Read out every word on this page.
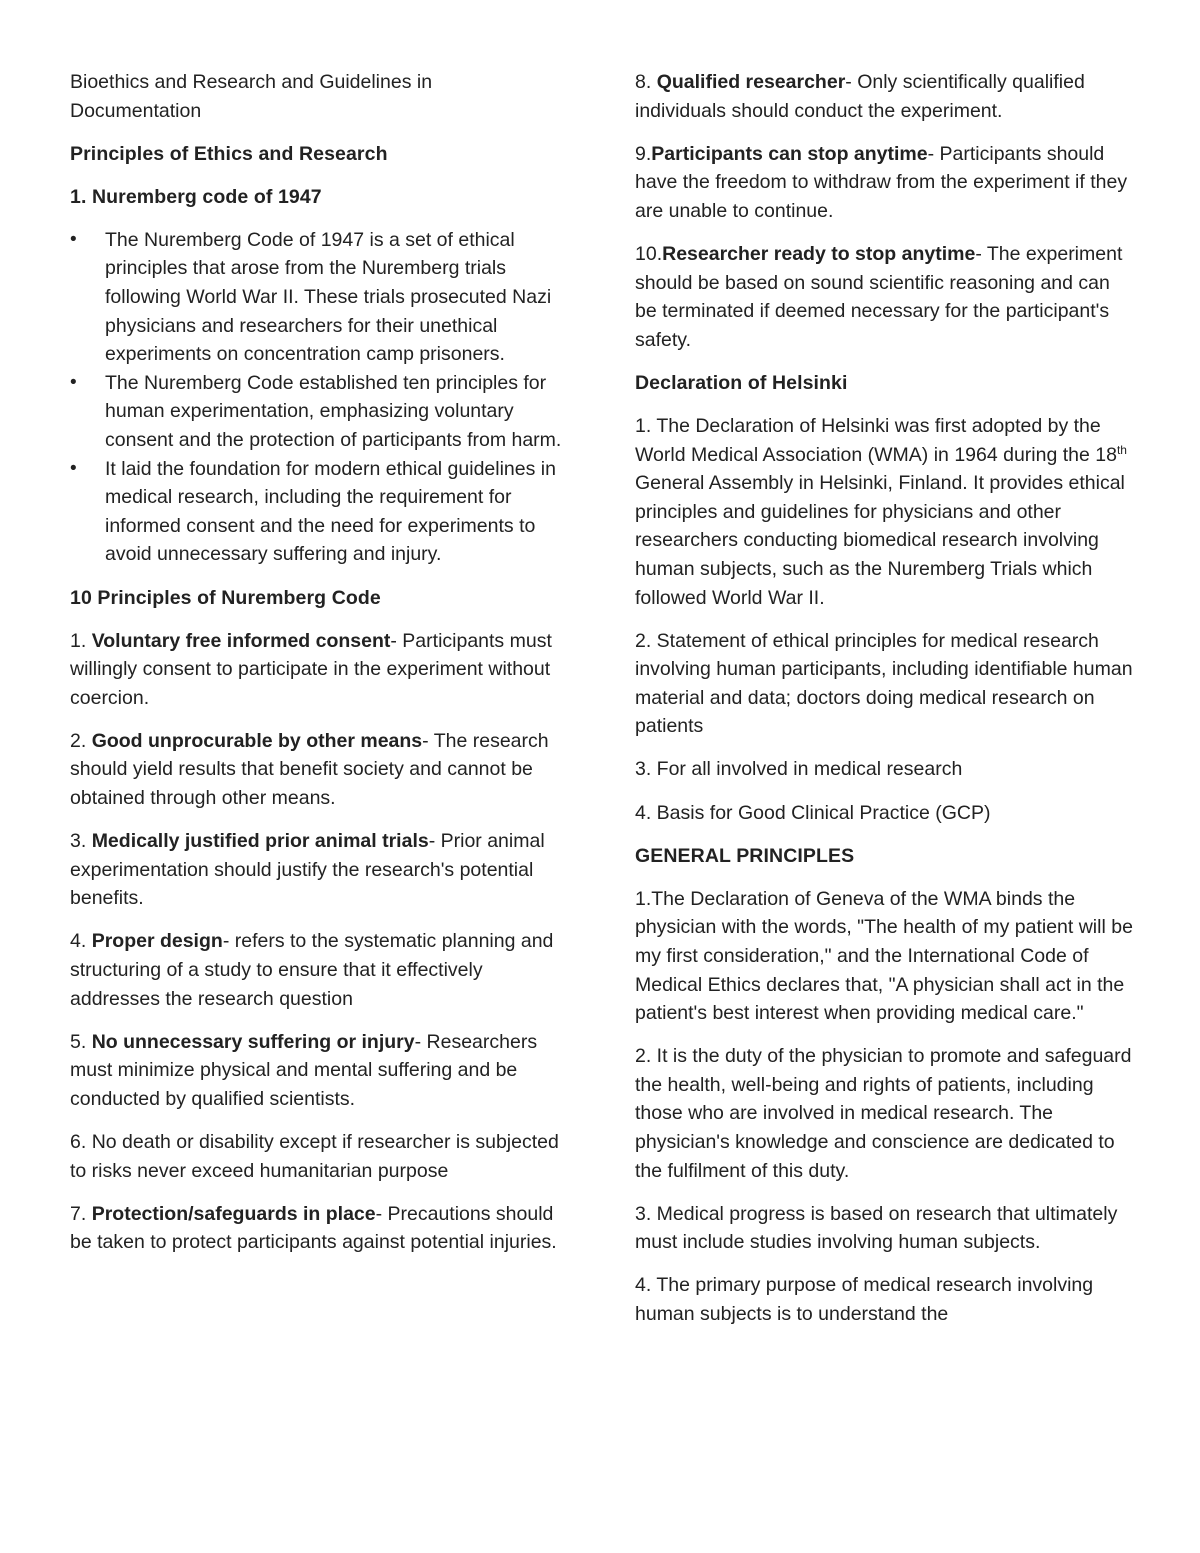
Bioethics and Research and Guidelines in Documentation

Principles of Ethics and Research

1. Nuremberg code of 1947

• The Nuremberg Code of 1947 is a set of ethical principles that arose from the Nuremberg trials following World War II. These trials prosecuted Nazi physicians and researchers for their unethical experiments on concentration camp prisoners.
• The Nuremberg Code established ten principles for human experimentation, emphasizing voluntary consent and the protection of participants from harm.
• It laid the foundation for modern ethical guidelines in medical research, including the requirement for informed consent and the need for experiments to avoid unnecessary suffering and injury.

10 Principles of Nuremberg Code

1. Voluntary free informed consent- Participants must willingly consent to participate in the experiment without coercion.

2. Good unprocurable by other means- The research should yield results that benefit society and cannot be obtained through other means.

3. Medically justified prior animal trials- Prior animal experimentation should justify the research's potential benefits.

4. Proper design- refers to the systematic planning and structuring of a study to ensure that it effectively addresses the research question

5. No unnecessary suffering or injury- Researchers must minimize physical and mental suffering and be conducted by qualified scientists.

6. No death or disability except if researcher is subjected to risks never exceed humanitarian purpose

7. Protection/safeguards in place- Precautions should be taken to protect participants against potential injuries.

8. Qualified researcher- Only scientifically qualified individuals should conduct the experiment.

9.Participants can stop anytime- Participants should have the freedom to withdraw from the experiment if they are unable to continue.

10.Researcher ready to stop anytime- The experiment should be based on sound scientific reasoning and can be terminated if deemed necessary for the participant's safety.

Declaration of Helsinki

1. The Declaration of Helsinki was first adopted by the World Medical Association (WMA) in 1964 during the 18th General Assembly in Helsinki, Finland. It provides ethical principles and guidelines for physicians and other researchers conducting biomedical research involving human subjects, such as the Nuremberg Trials which followed World War II.

2. Statement of ethical principles for medical research involving human participants, including identifiable human material and data; doctors doing medical research on patients

3. For all involved in medical research

4. Basis for Good Clinical Practice (GCP)

GENERAL PRINCIPLES

1.The Declaration of Geneva of the WMA binds the physician with the words, "The health of my patient will be my first consideration," and the International Code of Medical Ethics declares that, "A physician shall act in the patient's best interest when providing medical care."

2. It is the duty of the physician to promote and safeguard the health, well-being and rights of patients, including those who are involved in medical research. The physician's knowledge and conscience are dedicated to the fulfilment of this duty.

3. Medical progress is based on research that ultimately must include studies involving human subjects.

4. The primary purpose of medical research involving human subjects is to understand the
